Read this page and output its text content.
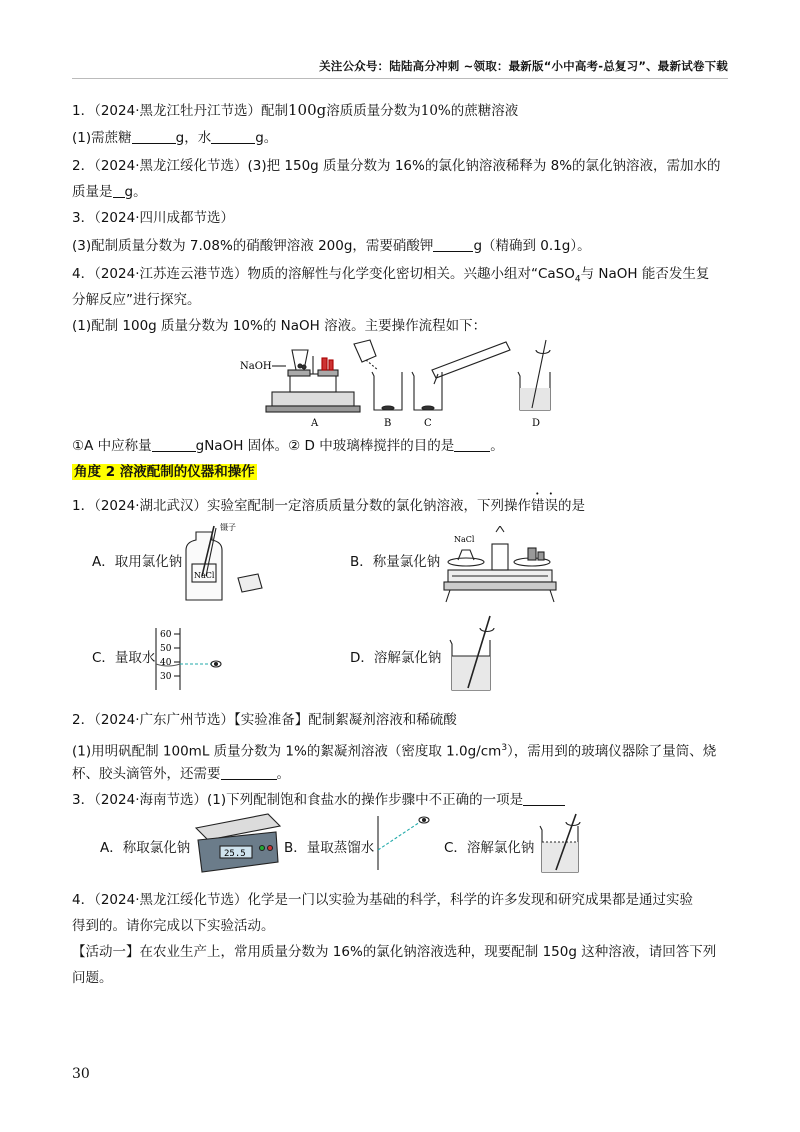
关注公众号：陆陆高分冲刺 ~领取：最新版“小中高考-总复习”、最新试卷下载
1．（2024·黑龙江牡丹江节选）配制100g溶质质量分数为10%的蔗糖溶液
(1)需蔗糖	g，水	g。
2．（2024·黑龙江绥化节选）(3)把 150g 质量分数为 16%的氯化钠溶液稀释为 8%的氯化钠溶液，需加水的
质量是 g。
3．（2024·四川成都节选）
(3)配制质量分数为 7.08%的硝酸钾溶液 200g，需要硝酸钾	g（精确到 0.1g）。
4．（2024·江苏连云港节选）物质的溶解性与化学变化密切相关。兴趣小组对“CaSO$_4$与 NaOH 能否发生复
分解反应”进行探究。
(1)配制 100g 质量分数为 10%的 NaOH 溶液。主要操作流程如下：
NaOH
A	B	C	D
①A 中应称量	gNaOH 固体。② D 中玻璃棒搅拌的目的是	。
角度 2 溶液配制的仪器和操作
1．（2024·湖北武汉）实验室配制一定溶质质量分数的氯化钠溶液，下列操作错误的是
A．取用氯化钠
NaCl
镊子
B．称量氯化钠
NaCl
C．量取水
60
50
40
30
D．溶解氯化钠
2．（2024·广东广州节选）【实验准备】配制絮凝剂溶液和稀硫酸
(1)用明矾配制 100mL 质量分数为 1%的絮凝剂溶液（密度取 $1.0g/cm^3$），需用到的玻璃仪器除了量筒、烧
杯、胶头滴管外，还需要	。
3．（2024·海南节选）(1)下列配制饱和食盐水的操作步骤中不正确的一项是
A．称取氯化钠	25.5	B．量取蒸馏水	C．溶解氯化钠
4．（2024·黑龙江绥化节选）化学是一门以实验为基础的科学，科学的许多发现和研究成果都是通过实验
得到的。请你完成以下实验活动。
【活动一】在农业生产上，常用质量分数为 16%的氯化钠溶液选种，现要配制 150g 这种溶液，请回答下列
问题。
30
